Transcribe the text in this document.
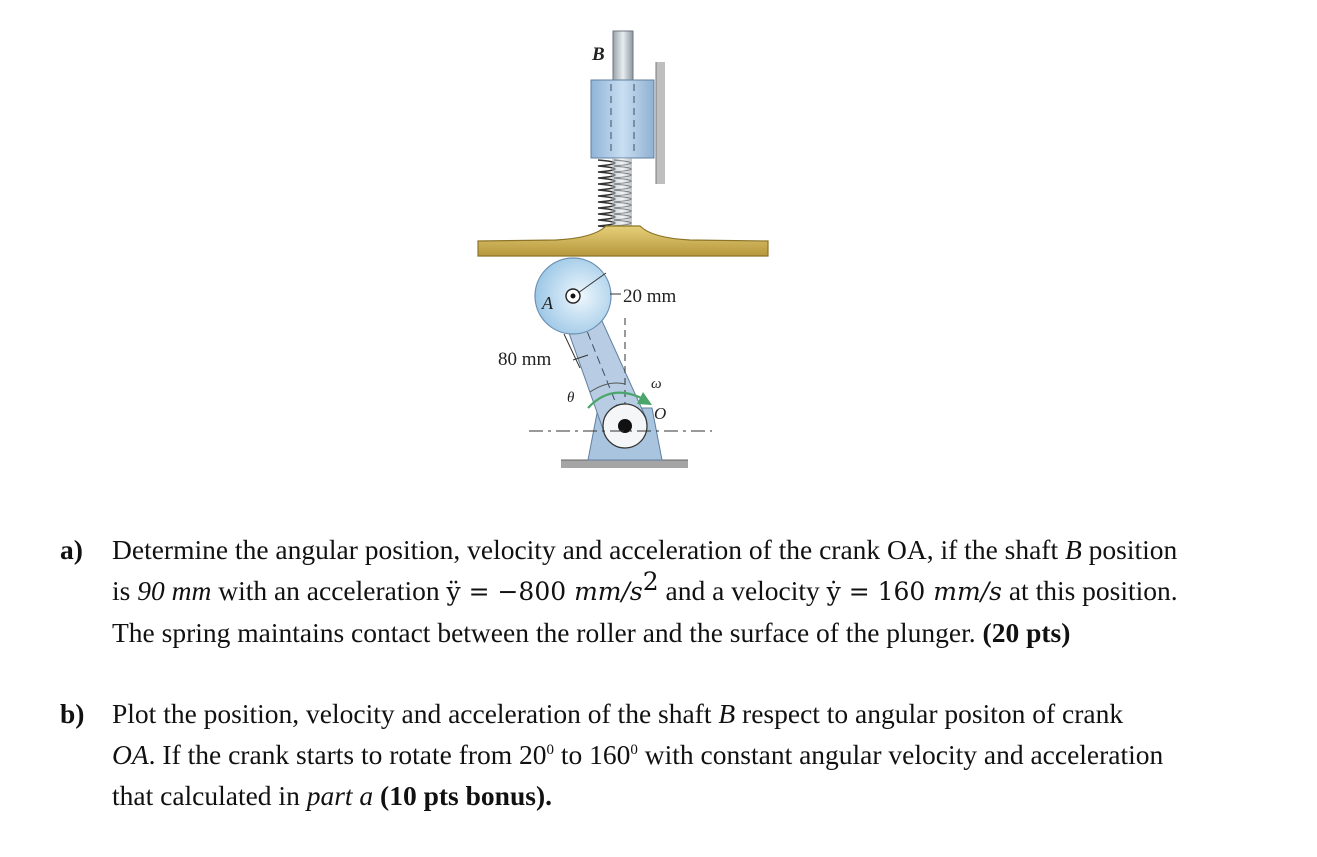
B
A	20 mm
80 mm
θ
ω
O
a) Determine the angular position, velocity and acceleration of the crank OA, if the shaft B position
is 90 mm with an acceleration ÿ = −800 $mm/s^2$ and a velocity ẏ = 160 mm/s at this position.
The spring maintains contact between the roller and the surface of the plunger. (20 pts)
b) Plot the position, velocity and acceleration of the shaft B respect to angular positon of crank
OA. If the crank starts to rotate from $20^0$ to $160^0$ with constant angular velocity and acceleration
that calculated in part a (10 pts bonus).
